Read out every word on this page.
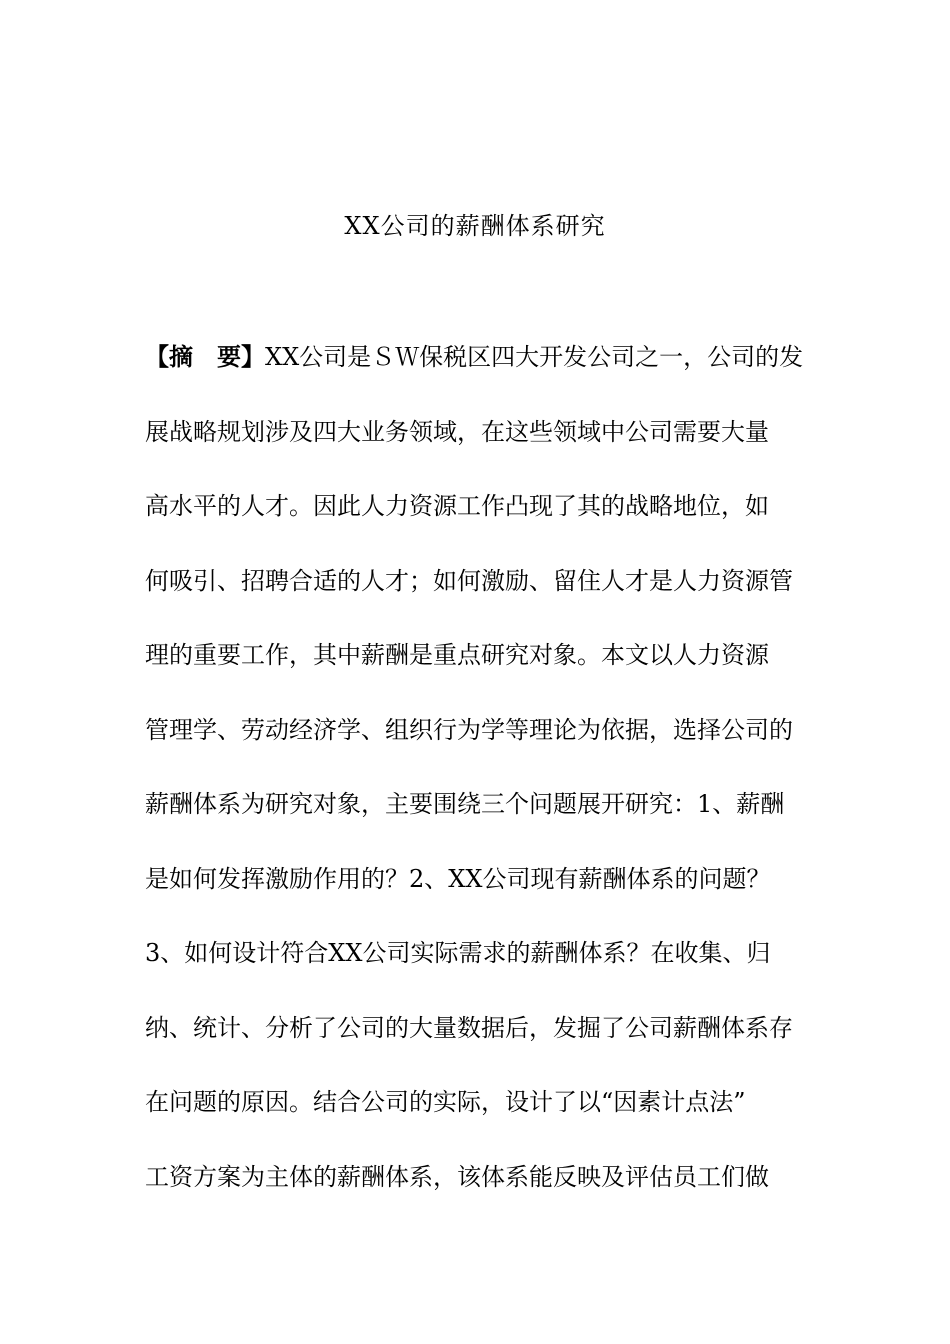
XX公司的薪酬体系研究
【摘　要】XX公司是ＳＷ保税区四大开发公司之一，公司的发
展战略规划涉及四大业务领域，在这些领域中公司需要大量
高水平的人才。因此人力资源工作凸现了其的战略地位，如
何吸引、招聘合适的人才；如何激励、留住人才是人力资源管
理的重要工作，其中薪酬是重点研究对象。本文以人力资源
管理学、劳动经济学、组织行为学等理论为依据，选择公司的
薪酬体系为研究对象，主要围绕三个问题展开研究：1、薪酬
是如何发挥激励作用的？2、XX公司现有薪酬体系的问题？
3、如何设计符合XX公司实际需求的薪酬体系？在收集、归
纳、统计、分析了公司的大量数据后，发掘了公司薪酬体系存
在问题的原因。结合公司的实际，设计了以“因素计点法”
工资方案为主体的薪酬体系，该体系能反映及评估员工们做
